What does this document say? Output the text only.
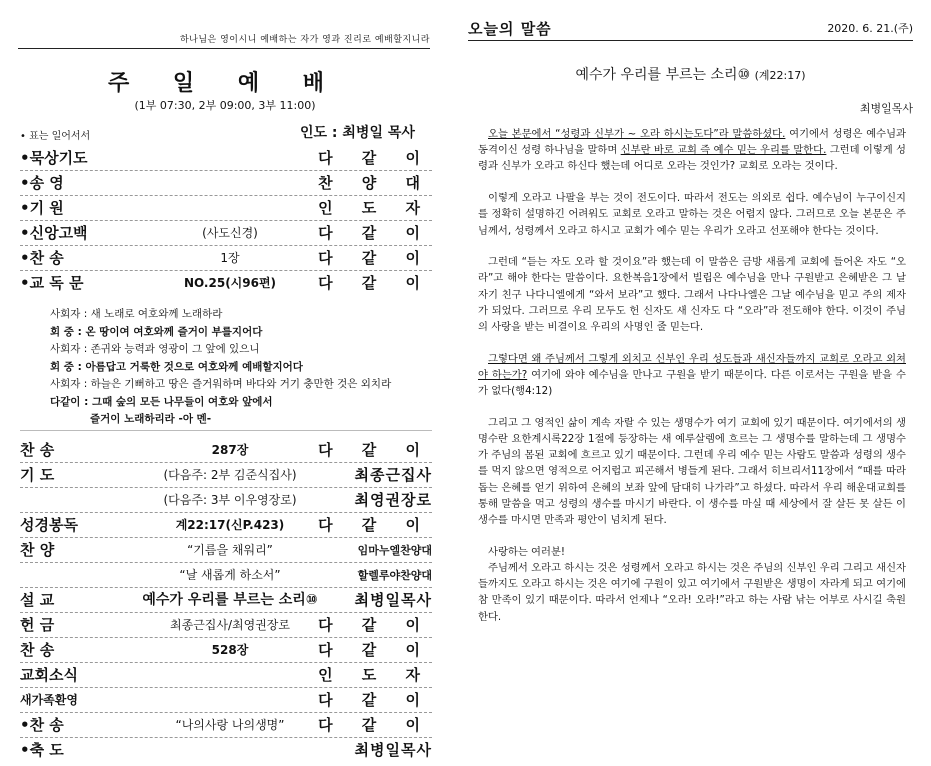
하나님은 영이시니 예배하는 자가 영과 진리로 예배할지니라
주 일 예 배
(1부 07:30, 2부 09:00, 3부 11:00)
• 표는 일어서서	인도 : 최병일 목사
•묵상기도	다 같 이
•송 영	찬 양 대
•기 원	인 도 자
•신앙고백	(사도신경)	다 같 이
•찬 송	1장	다 같 이
•교 독 문	NO.25(시96편)	다 같 이
사회자 : 새 노래로 여호와께 노래하라
회 중 : 온 땅이여 여호와께 즐거이 부를지어다
사회자 : 존귀와 능력과 영광이 그 앞에 있으니
회 중 : 아름답고 거룩한 것으로 여호와께 예배할지어다
사회자 : 하늘은 기뻐하고 땅은 즐거워하며 바다와 거기 충만한 것은 외치라
다같이 : 그때 숲의 모든 나무들이 여호와 앞에서
즐거이 노래하리라 -아 멘-
찬 송	287장	다 같 이
기 도	(다음주: 2부 김준식집사)	최종근집사
(다음주: 3부 이우영장로)	최영권장로
성경봉독	계22:17(신P.423)	다 같 이
찬 양	“기름을 채워리”	임마누엘찬양대
“날 새롭게 하소서”	할렐루야찬양대
설 교	예수가 우리를 부르는 소리⑩	최병일목사
헌 금	최종근집사/최영권장로	다 같 이
찬 송	528장	다 같 이
교회소식	인 도 자
새가족환영	다 같 이
•찬 송	“나의사랑 나의생명”	다 같 이
•축 도	최병일목사
오늘의 말씀	2020. 6. 21.(주)
예수가 우리를 부르는 소리⑩ (계22:17)
최병일목사

오늘 본문에서 “성령과 신부가 ~ 오라 하시는도다”라 말씀하셨다. 여기에서 성령은 예수님과 동격이신 성령 하나님을 말하며 신부란 바로 교회 즉 예수 믿는 우리를 말한다. 그런데 이렇게 성령과 신부가 오라고 하신다 했는데 어디로 오라는 것인가? 교회로 오라는 것이다.

이렇게 오라고 나팔을 부는 것이 전도이다. 따라서 전도는 의외로 쉽다. 예수님이 누구이신지를 정확히 설명하긴 어려워도 교회로 오라고 말하는 것은 어렵지 않다. 그러므로 오늘 본문은 주님께서, 성령께서 오라고 하시고 교회가 예수 믿는 우리가 오라고 선포해야 한다는 것이다.

그런데 “듣는 자도 오라 할 것이요”라 했는데 이 말씀은 금방 새롭게 교회에 들어온 자도 “오라”고 해야 한다는 말씀이다. 요한복음1장에서 빌립은 예수님을 만나 구원받고 은혜받은 그 날 자기 친구 나다니엘에게 “와서 보라”고 했다. 그래서 나다나엘은 그날 예수님을 믿고 주의 제자가 되었다. 그러므로 우리 모두도 헌 신자도 새 신자도 다 “오라”라 전도해야 한다. 이것이 주님의 사랑을 받는 비결이요 우리의 사명인 줄 믿는다.

그렇다면 왜 주님께서 그렇게 외치고 신부인 우리 성도들과 새신자들까지 교회로 오라고 외쳐야 하는가? 여기에 와야 예수님을 만나고 구원을 받기 때문이다. 다른 이로서는 구원을 받을 수가 없다(행4:12)

그리고 그 영적인 삶이 계속 자랄 수 있는 생명수가 여기 교회에 있기 때문이다. 여기에서의 생명수란 요한계시록22장 1절에 등장하는 새 예루살렘에 흐르는 그 생명수를 말하는데 그 생명수가 주님의 몸된 교회에 흐르고 있기 때문이다. 그런데 우리 예수 믿는 사람도 말씀과 성령의 생수를 먹지 않으면 영적으로 어지럽고 피곤해서 병들게 된다. 그래서 히브리서11장에서 “때를 따라 돕는 은혜를 얻기 위하여 은혜의 보좌 앞에 담대히 나가라”고 하셨다. 따라서 우리 해운대교회를 통해 말씀을 먹고 성령의 생수를 마시기 바란다. 이 생수를 마실 때 세상에서 잘 살든 못 살든 이 생수를 마시면 만족과 평안이 넘치게 된다.

사랑하는 여러분!

주님께서 오라고 하시는 것은 성령께서 오라고 하시는 것은 주님의 신부인 우리 그리고 새신자들까지도 오라고 하시는 것은 여기에 구원이 있고 여기에서 구원받은 생명이 자라게 되고 여기에 참 만족이 있기 때문이다. 따라서 언제나 “오라! 오라!”라고 하는 사람 낚는 어부로 사시길 축원한다.
